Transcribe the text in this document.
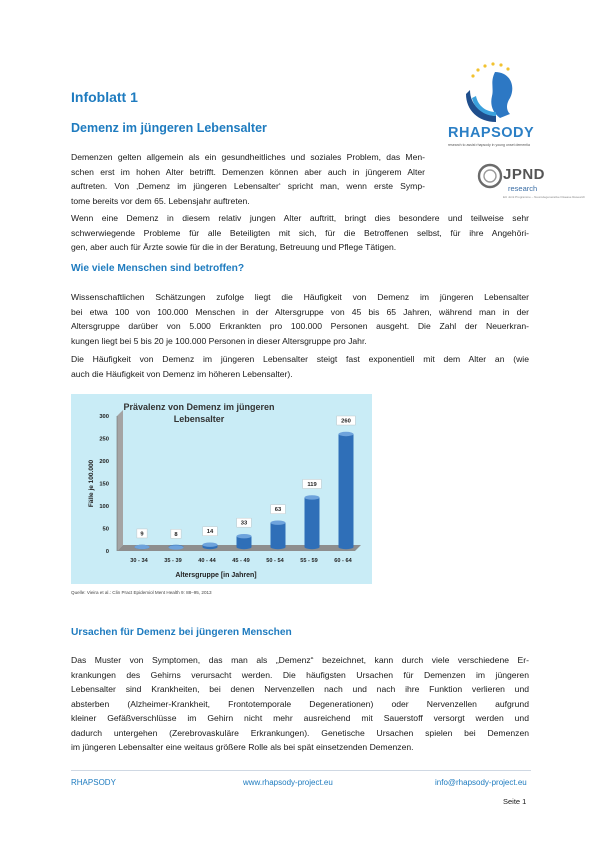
Infoblatt 1
Demenz im jüngeren Lebensalter	RHAPSODY
research to assist rhapsody in young onset dementia
JPND
research
EU Joint Programme – Neurodegenerative Disease Research
Demenzen gelten allgemein als ein gesundheitliches und soziales Problem, das Men-
schen erst im hohen Alter betrifft. Demenzen können aber auch in jüngerem Alter
auftreten. Von ‚Demenz im jüngeren Lebensalter‘ spricht man, wenn erste Symp-
tome bereits vor dem 65. Lebensjahr auftreten.
Wenn eine Demenz in diesem relativ jungen Alter auftritt, bringt dies besondere und teilweise sehr
schwerwiegende Probleme für alle Beteiligten mit sich, für die Betroffenen selbst, für ihre Angehöri-
gen, aber auch für Ärzte sowie für die in der Beratung, Betreuung und Pflege Tätigen.
Wie viele Menschen sind betroffen?
Wissenschaftlichen Schätzungen zufolge liegt die Häufigkeit von Demenz im jüngeren Lebensalter
bei etwa 100 von 100.000 Menschen in der Altersgruppe von 45 bis 65 Jahren, während man in der
Altersgruppe darüber von 5.000 Erkrankten pro 100.000 Personen ausgeht. Die Zahl der Neuerkran-
kungen liegt bei 5 bis 20 je 100.000 Personen in dieser Altersgruppe pro Jahr.
Die Häufigkeit von Demenz im jüngeren Lebensalter steigt fast exponentiell mit dem Alter an (wie
auch die Häufigkeit von Demenz im höheren Lebensalter).
0
50
100
150
200
250
300
9
30 - 34
8
35 - 39
14
40 - 44
33
45 - 49
63
50 - 54
119
55 - 59
260
60 - 64
Prävalenz von Demenz im jüngeren
Lebensalter
Altersgruppe [in Jahren]
Fälle je 100.000
Quelle: Vieira et al.: Clin Pract Epidemiol Ment Health 9: 88–95, 2013
Ursachen für Demenz bei jüngeren Menschen
Das Muster von Symptomen, das man als „Demenz“ bezeichnet, kann durch viele verschiedene Er-
krankungen des Gehirns verursacht werden. Die häufigsten Ursachen für Demenzen im jüngeren
Lebensalter sind Krankheiten, bei denen Nervenzellen nach und nach ihre Funktion verlieren und
absterben (Alzheimer-Krankheit, Frontotemporale Degenerationen) oder Nervenzellen aufgrund
kleiner Gefäßverschlüsse im Gehirn nicht mehr ausreichend mit Sauerstoff versorgt werden und
dadurch untergehen (Zerebrovaskuläre Erkrankungen). Genetische Ursachen spielen bei Demenzen
im jüngeren Lebensalter eine weitaus größere Rolle als bei spät einsetzenden Demenzen.
RHAPSODY	www.rhapsody-project.eu	info@rhapsody-project.eu
Seite 1
